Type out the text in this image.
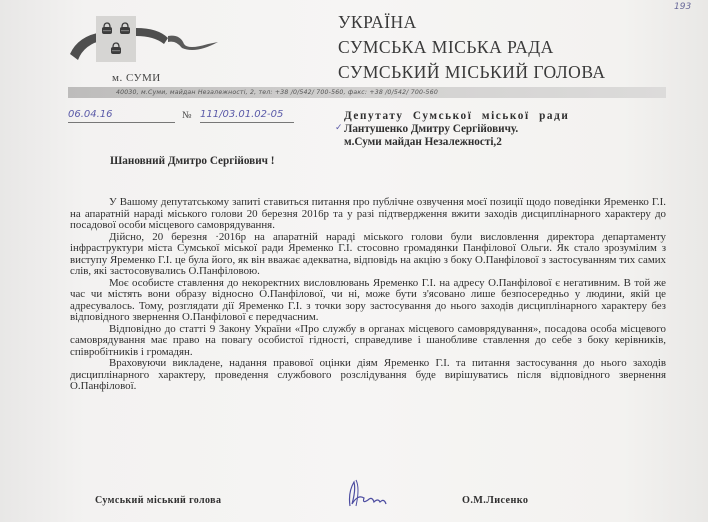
м. СУМИ
УКРАЇНА
СУМСЬКА МІСЬКА РАДА
СУМСЬКИЙ МІСЬКИЙ ГОЛОВА
193
40030, м.Суми, майдан Незалежності, 2, тел: +38 /0/542/ 700-560, факс: +38 /0/542/ 700-560
06.04.16	№ 111/03.01.02-05
✓
Депутату Сумської міської ради
Лантушенко Дмитру Сергійовичу.
м.Суми майдан Незалежності,2
Шановний Дмитро Сергійович !

У Вашому депутатському запиті ставиться питання про публічне озвучення моєї позиції щодо поведінки Яременко Г.І. на апаратній нараді міського голови 20 березня 2016р та у разі підтвердження вжити заходів дисциплінарного характеру до посадової особи місцевого самоврядування.

Дійсно, 20 березня ·2016р на апаратній нараді міського голови були висловлення директора департаменту інфраструктури міста Сумської міської ради Яременко Г.І. стосовно громадянки Панфілової Ольги. Як стало зрозумілим з виступу Яременко Г.І. це була його, як він вважає адекватна, відповідь на акцію з боку О.Панфілової з застосуванням тих самих слів, які застосовувались О.Панфіловою.

Моє особисте ставлення до некоректних висловлювань Яременко Г.І. на адресу О.Панфілової є негативним. В той же час чи містять вони образу відносно О.Панфілової, чи ні, може бути з'ясовано лише безпосередньо у людини, якій це адресувалось. Тому, розглядати дії Яременко Г.І. з точки зору застосування до нього заходів дисциплінарного характеру без відповідного звернення О.Панфілової є передчасним.

Відповідно до статті 9 Закону України «Про службу в органах місцевого самоврядування», посадова особа місцевого самоврядування має право на повагу особистої гідності, справедливе і шанобливе ставлення до себе з боку керівників, співробітників і громадян.

Враховуючи викладене, надання правової оцінки діям Яременко Г.І. та питання застосування до нього заходів дисциплінарного характеру, проведення службового розслідування буде вирішуватись після відповідного звернення О.Панфілової.

Сумський міський голова	О.М.Лисенко
